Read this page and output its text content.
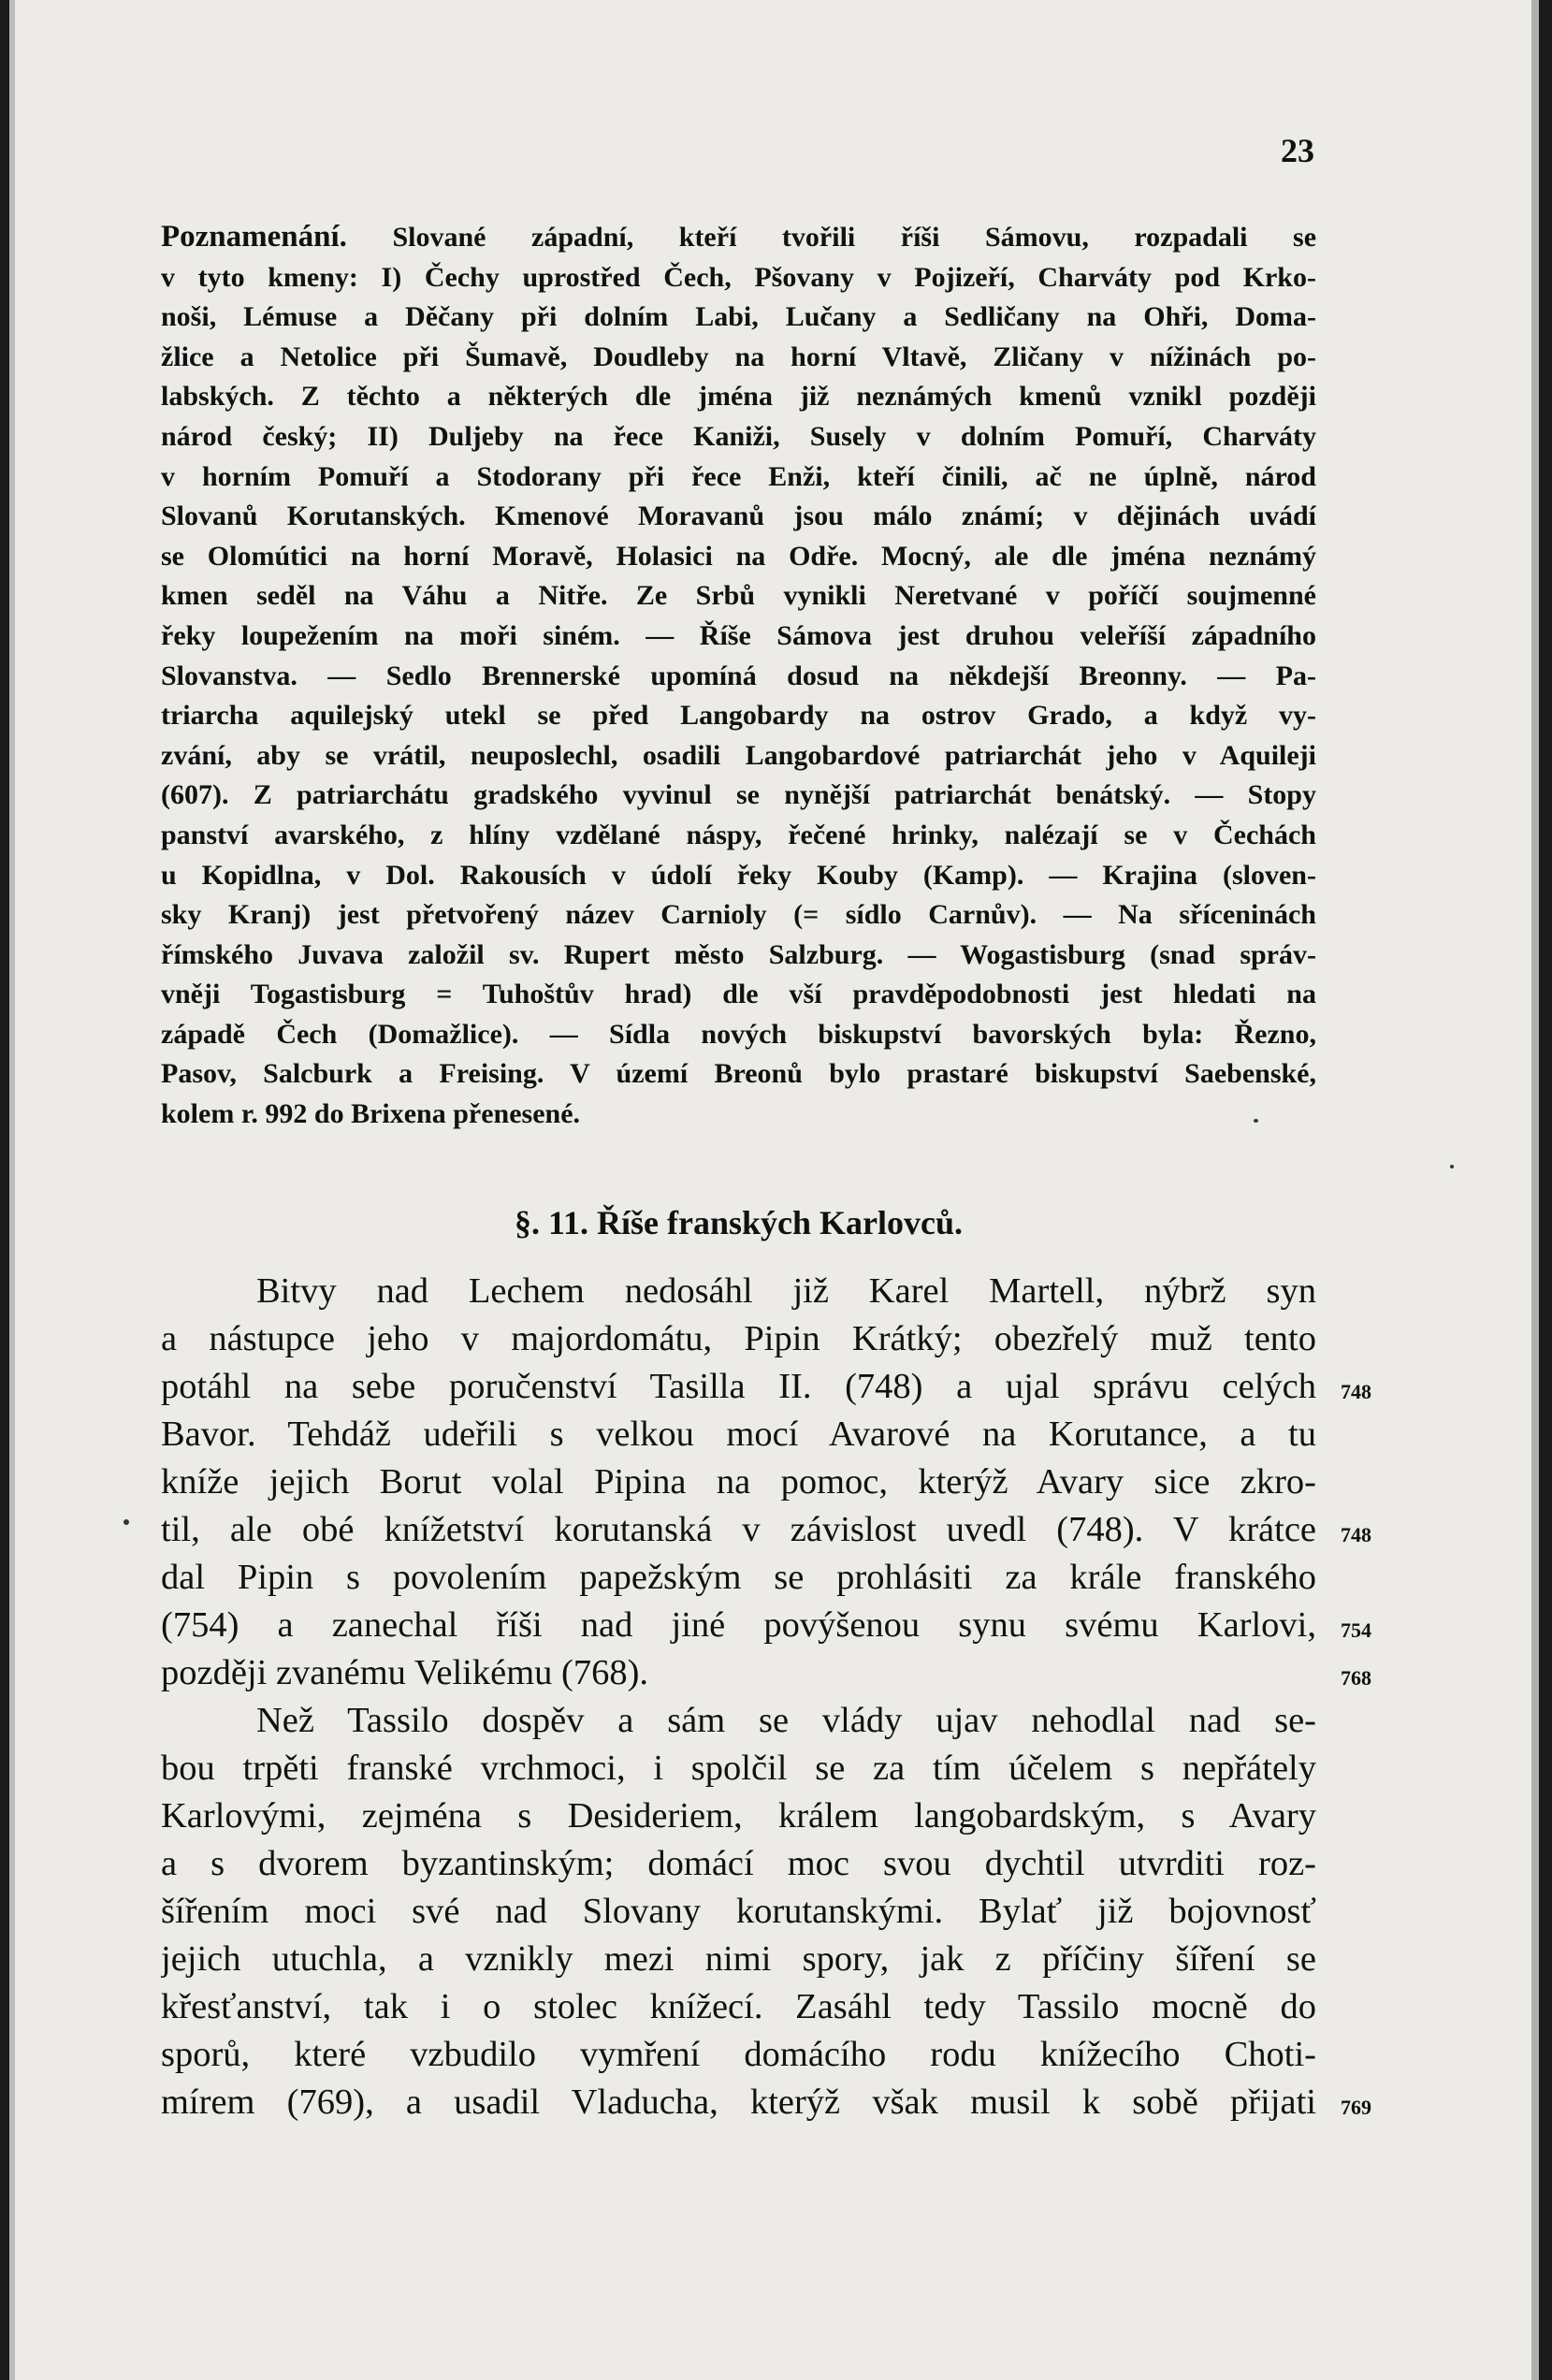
23
Poznamenání. Slované západní, kteří tvořili říši Sámovu, rozpadali se
v tyto kmeny: I) Čechy uprostřed Čech, Pšovany v Pojizeří, Charváty pod Krko-
noši, Lémuse a Děčany při dolním Labi, Lučany a Sedličany na Ohři, Doma-
žlice a Netolice při Šumavě, Doudleby na horní Vltavě, Zličany v nížinách po-
labských. Z těchto a některých dle jména již neznámých kmenů vznikl později
národ český; II) Duljeby na řece Kaniži, Susely v dolním Pomuří, Charváty
v horním Pomuří a Stodorany při řece Enži, kteří činili, ač ne úplně, národ
Slovanů Korutanských. Kmenové Moravanů jsou málo známí; v dějinách uvádí
se Olomútici na horní Moravě, Holasici na Odře. Mocný, ale dle jména neznámý
kmen seděl na Váhu a Nitře. Ze Srbů vynikli Neretvané v poříčí soujmenné
řeky loupežením na moři siném. — Říše Sámova jest druhou veleříší západního
Slovanstva. — Sedlo Brennerské upomíná dosud na někdejší Breonny. — Pa-
triarcha aquilejský utekl se před Langobardy na ostrov Grado, a když vy-
zvání, aby se vrátil, neuposlechl, osadili Langobardové patriarchát jeho v Aquileji
(607). Z patriarchátu gradského vyvinul se nynější patriarchát benátský. — Stopy
panství avarského, z hlíny vzdělané náspy, řečené hrinky, nalézají se v Čechách
u Kopidlna, v Dol. Rakousích v údolí řeky Kouby (Kamp). — Krajina (sloven-
sky Kranj) jest přetvořený název Carnioly (= sídlo Carnův). — Na sříceninách
římského Juvava založil sv. Rupert město Salzburg. — Wogastisburg (snad správ-
vněji Togastisburg = Tuhoštův hrad) dle vší pravděpodobnosti jest hledati na
západě Čech (Domažlice). — Sídla nových biskupství bavorských byla: Řezno,
Pasov, Salcburk a Freising. V území Breonů bylo prastaré biskupství Saebenské,
kolem r. 992 do Brixena přenesené.
§. 11. Říše franských Karlovců.
Bitvy nad Lechem nedosáhl již Karel Martell, nýbrž syn
a nástupce jeho v majordomátu, Pipin Krátký; obezřelý muž tento
potáhl na sebe poručenství Tasilla II. (748) a ujal správu celých
Bavor. Tehdáž udeřili s velkou mocí Avarové na Korutance, a tu
kníže jejich Borut volal Pipina na pomoc, kterýž Avary sice zkro-
til, ale obé knížetství korutanská v závislost uvedl (748). V krátce
dal Pipin s povolením papežským se prohlásiti za krále franského
(754) a zanechal říši nad jiné povýšenou synu svému Karlovi,
později zvanému Velikému (768).
Než Tassilo dospěv a sám se vlády ujav nehodlal nad se-
bou trpěti franské vrchmoci, i spolčil se za tím účelem s nepřátely
Karlovými, zejména s Desideriem, králem langobardským, s Avary
a s dvorem byzantinským; domácí moc svou dychtil utvrditi roz-
šířením moci své nad Slovany korutanskými. Bylať již bojovnosť
jejich utuchla, a vznikly mezi nimi spory, jak z příčiny šíření se
křesťanství, tak i o stolec knížecí. Zasáhl tedy Tassilo mocně do
sporů, které vzbudilo vymření domácího rodu knížecího Choti-
mírem (769), a usadil Vladucha, kterýž však musil k sobě přijati
748
748
754
768
769
